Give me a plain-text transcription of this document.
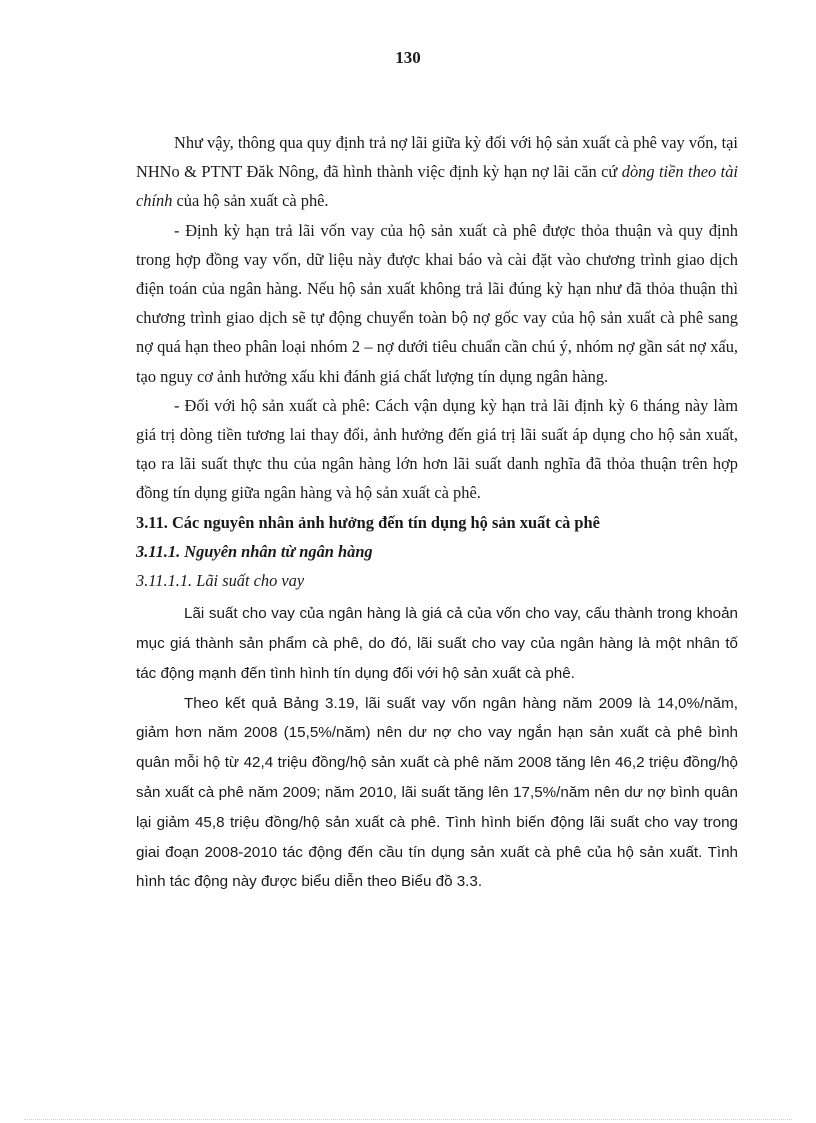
130

Như vậy, thông qua quy định trả nợ lãi giữa kỳ đối với hộ sản xuất cà phê vay vốn, tại NHNo & PTNT Đăk Nông, đã hình thành việc định kỳ hạn nợ lãi căn cứ dòng tiền theo tài chính của hộ sản xuất cà phê.

- Định kỳ hạn trả lãi vốn vay của hộ sản xuất cà phê được thỏa thuận và quy định trong hợp đồng vay vốn, dữ liệu này được khai báo và cài đặt vào chương trình giao dịch điện toán của ngân hàng. Nếu hộ sản xuất không trả lãi đúng kỳ hạn như đã thỏa thuận thì chương trình giao dịch sẽ tự động chuyển toàn bộ nợ gốc vay của hộ sản xuất cà phê sang nợ quá hạn theo phân loại nhóm 2 – nợ dưới tiêu chuẩn cần chú ý, nhóm nợ gần sát nợ xấu, tạo nguy cơ ảnh hưởng xấu khi đánh giá chất lượng tín dụng ngân hàng.

- Đối với hộ sản xuất cà phê: Cách vận dụng kỳ hạn trả lãi định kỳ 6 tháng này làm giá trị dòng tiền tương lai thay đổi, ảnh hưởng đến giá trị lãi suất áp dụng cho hộ sản xuất, tạo ra lãi suất thực thu của ngân hàng lớn hơn lãi suất danh nghĩa đã thỏa thuận trên hợp đồng tín dụng giữa ngân hàng và hộ sản xuất cà phê.

3.11. Các nguyên nhân ảnh hưởng đến tín dụng hộ sản xuất cà phê

3.11.1. Nguyên nhân từ ngân hàng

3.11.1.1. Lãi suất cho vay

Lãi suất cho vay của ngân hàng là giá cả của vốn cho vay, cấu thành trong khoản mục giá thành sản phẩm cà phê, do đó, lãi suất cho vay của ngân hàng là một nhân tố tác động mạnh đến tình hình tín dụng đối với hộ sản xuất cà phê.

Theo kết quả Bảng 3.19, lãi suất vay vốn ngân hàng năm 2009 là 14,0%/năm, giảm hơn năm 2008 (15,5%/năm) nên dư nợ cho vay ngắn hạn sản xuất cà phê bình quân mỗi hộ từ 42,4 triệu đồng/hộ sản xuất cà phê năm 2008 tăng lên 46,2 triệu đồng/hộ sản xuất cà phê năm 2009; năm 2010, lãi suất tăng lên 17,5%/năm nên dư nợ bình quân lại giảm 45,8 triệu đồng/hộ sản xuất cà phê. Tình hình biến động lãi suất cho vay trong giai đoạn 2008-2010 tác động đến cầu tín dụng sản xuất cà phê của hộ sản xuất. Tình hình tác động này được biểu diễn theo Biểu đồ 3.3.
